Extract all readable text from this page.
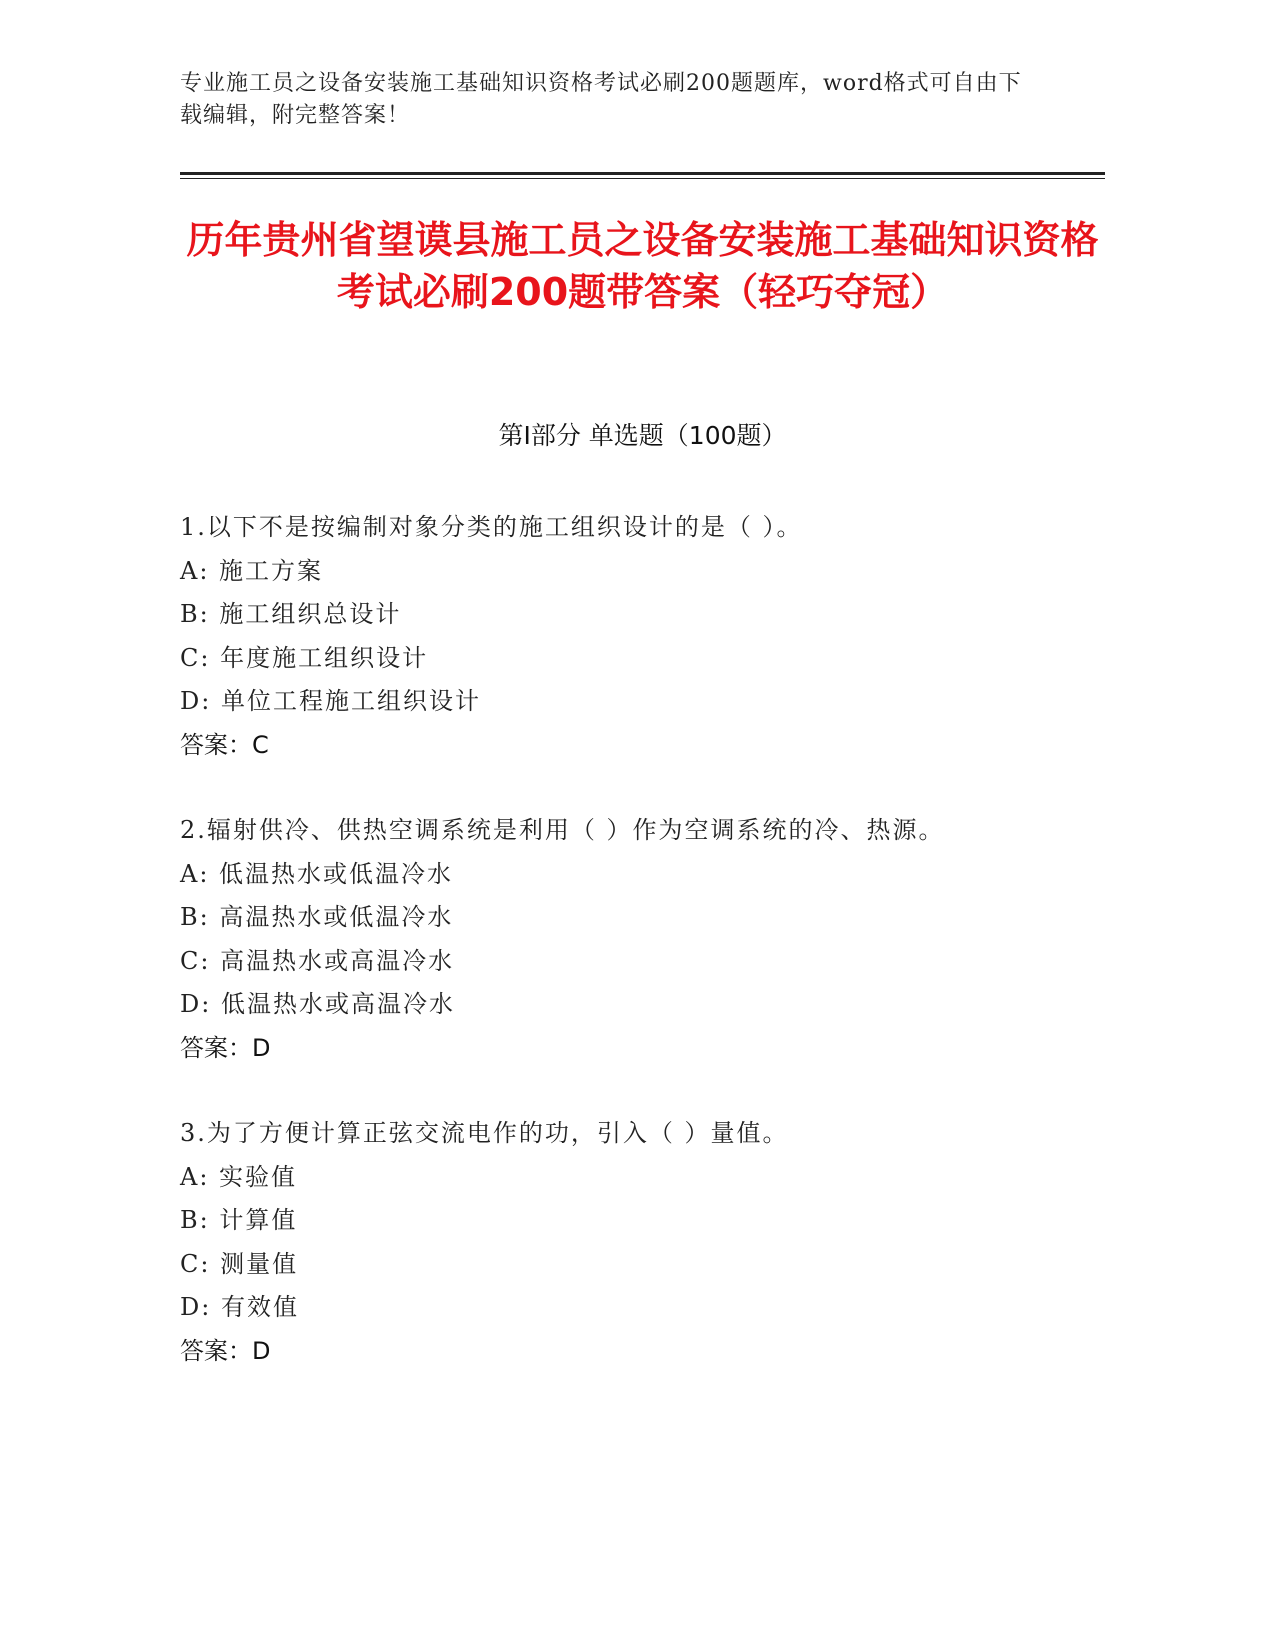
专业施工员之设备安装施工基础知识资格考试必刷200题题库，word格式可自由下载编辑，附完整答案！
历年贵州省望谟县施工员之设备安装施工基础知识资格考试必刷200题带答案（轻巧夺冠）
第Ⅰ部分 单选题（100题）
1.以下不是按编制对象分类的施工组织设计的是（ ）。
A: 施工方案
B: 施工组织总设计
C: 年度施工组织设计
D: 单位工程施工组织设计
答案：C
2.辐射供冷、供热空调系统是利用（ ）作为空调系统的冷、热源。
A: 低温热水或低温冷水
B: 高温热水或低温冷水
C: 高温热水或高温冷水
D: 低温热水或高温冷水
答案：D
3.为了方便计算正弦交流电作的功，引入（ ）量值。
A: 实验值
B: 计算值
C: 测量值
D: 有效值
答案：D
